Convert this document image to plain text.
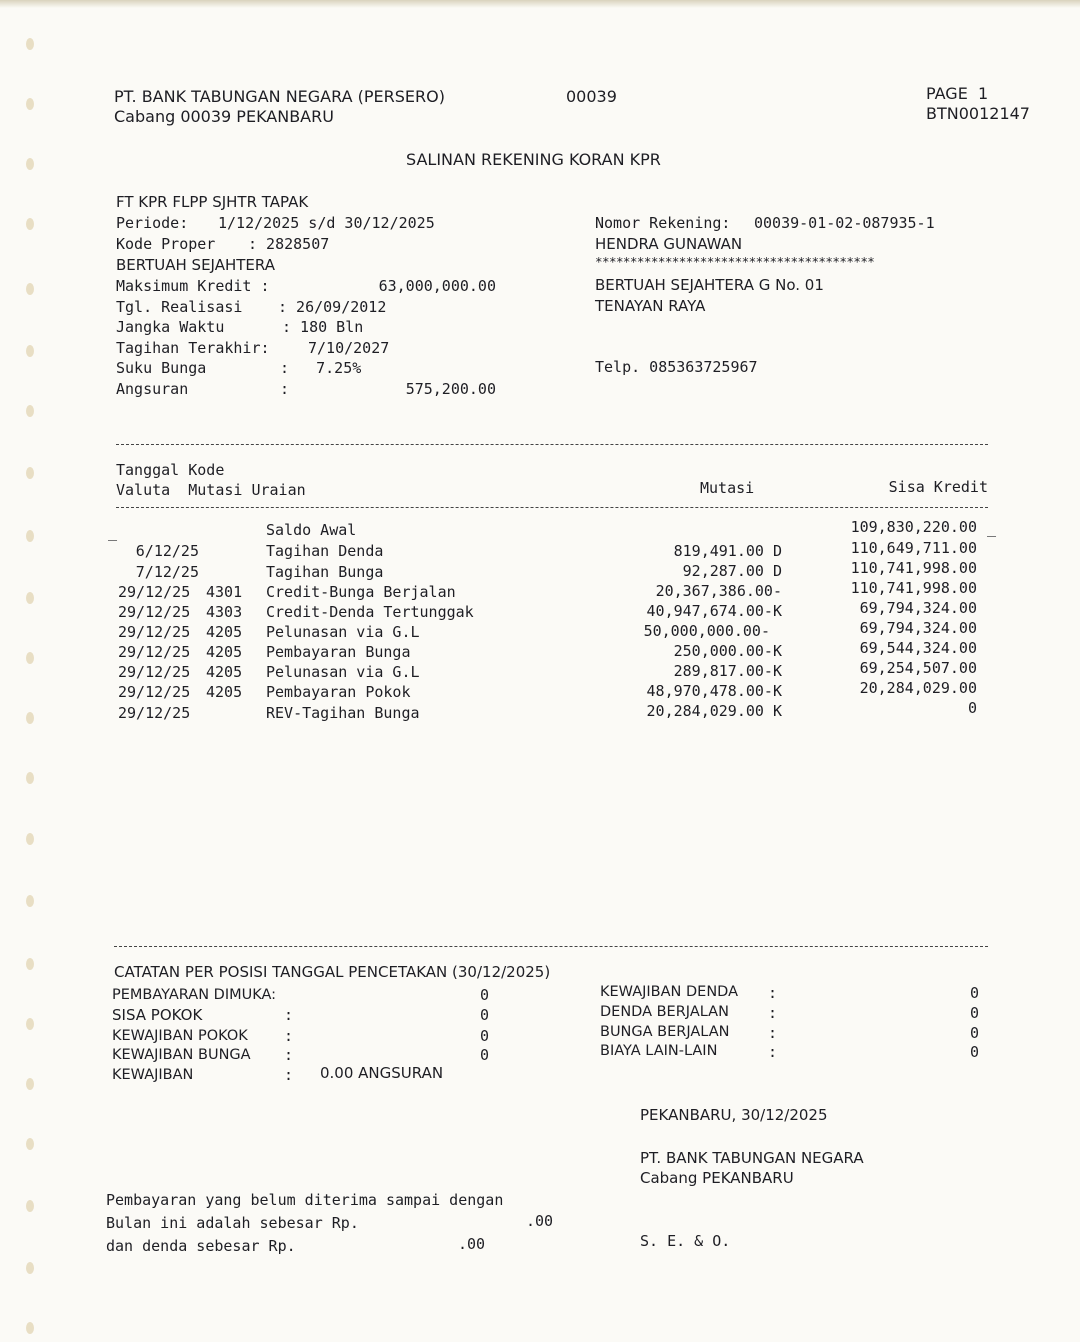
PT. BANK TABUNGAN NEGARA (PERSERO)
Cabang 00039 PEKANBARU
00039	PAGE  1
BTN0012147
SALINAN REKENING KORAN KPR
FT KPR FLPP SJHTR TAPAK
Periode: 1/12/2025 s/d 30/12/2025
Kode Proper : 2828507
BERTUAH SEJAHTERA
Maksimum Kredit :	63,000,000.00
Tgl. Realisasi : 26/09/2012
Jangka Waktu	: 180 Bln
Tagihan Terakhir:	7/10/2027
Suku Bunga	:   7.25%
Angsuran	:	575,200.00
Nomor Rekening: 00039-01-02-087935-1
HENDRA GUNAWAN
****************************************
BERTUAH SEJAHTERA G No. 01
TENAYAN RAYA
Telp. 085363725967
Tanggal Kode
Valuta  Mutasi Uraian	Mutasi	Sisa Kredit
_	_
Saldo Awal	109,830,220.00
6/12/25	Tagihan Denda	819,491.00 D	110,649,711.00
7/12/25	Tagihan Bunga	92,287.00 D	110,741,998.00
29/12/25 4301 Credit-Bunga Berjalan	20,367,386.00-	110,741,998.00
29/12/25 4303 Credit-Denda Tertunggak	40,947,674.00-K	69,794,324.00
29/12/25 4205 Pelunasan via G.L	50,000,000.00-	69,794,324.00
29/12/25 4205 Pembayaran Bunga	250,000.00-K	69,544,324.00
29/12/25 4205 Pelunasan via G.L	289,817.00-K	69,254,507.00
29/12/25 4205 Pembayaran Pokok	48,970,478.00-K	20,284,029.00
29/12/25	REV-Tagihan Bunga	20,284,029.00 K	0
CATATAN PER POSISI TANGGAL PENCETAKAN (30/12/2025)
PEMBAYARAN DIMUKA:	0
SISA POKOK	:	0
KEWAJIBAN POKOK :	0
KEWAJIBAN BUNGA :	0
KEWAJIBAN	: 0.00 ANGSURAN
KEWAJIBAN DENDA :	0
DENDA BERJALAN	:	0
BUNGA BERJALAN	:	0
BIAYA LAIN-LAIN	:	0
PEKANBARU, 30/12/2025
PT. BANK TABUNGAN NEGARA
Cabang PEKANBARU
S. E. & O.
Pembayaran yang belum diterima sampai dengan
Bulan ini adalah sebesar Rp.	.00
dan denda sebesar Rp.	.00
